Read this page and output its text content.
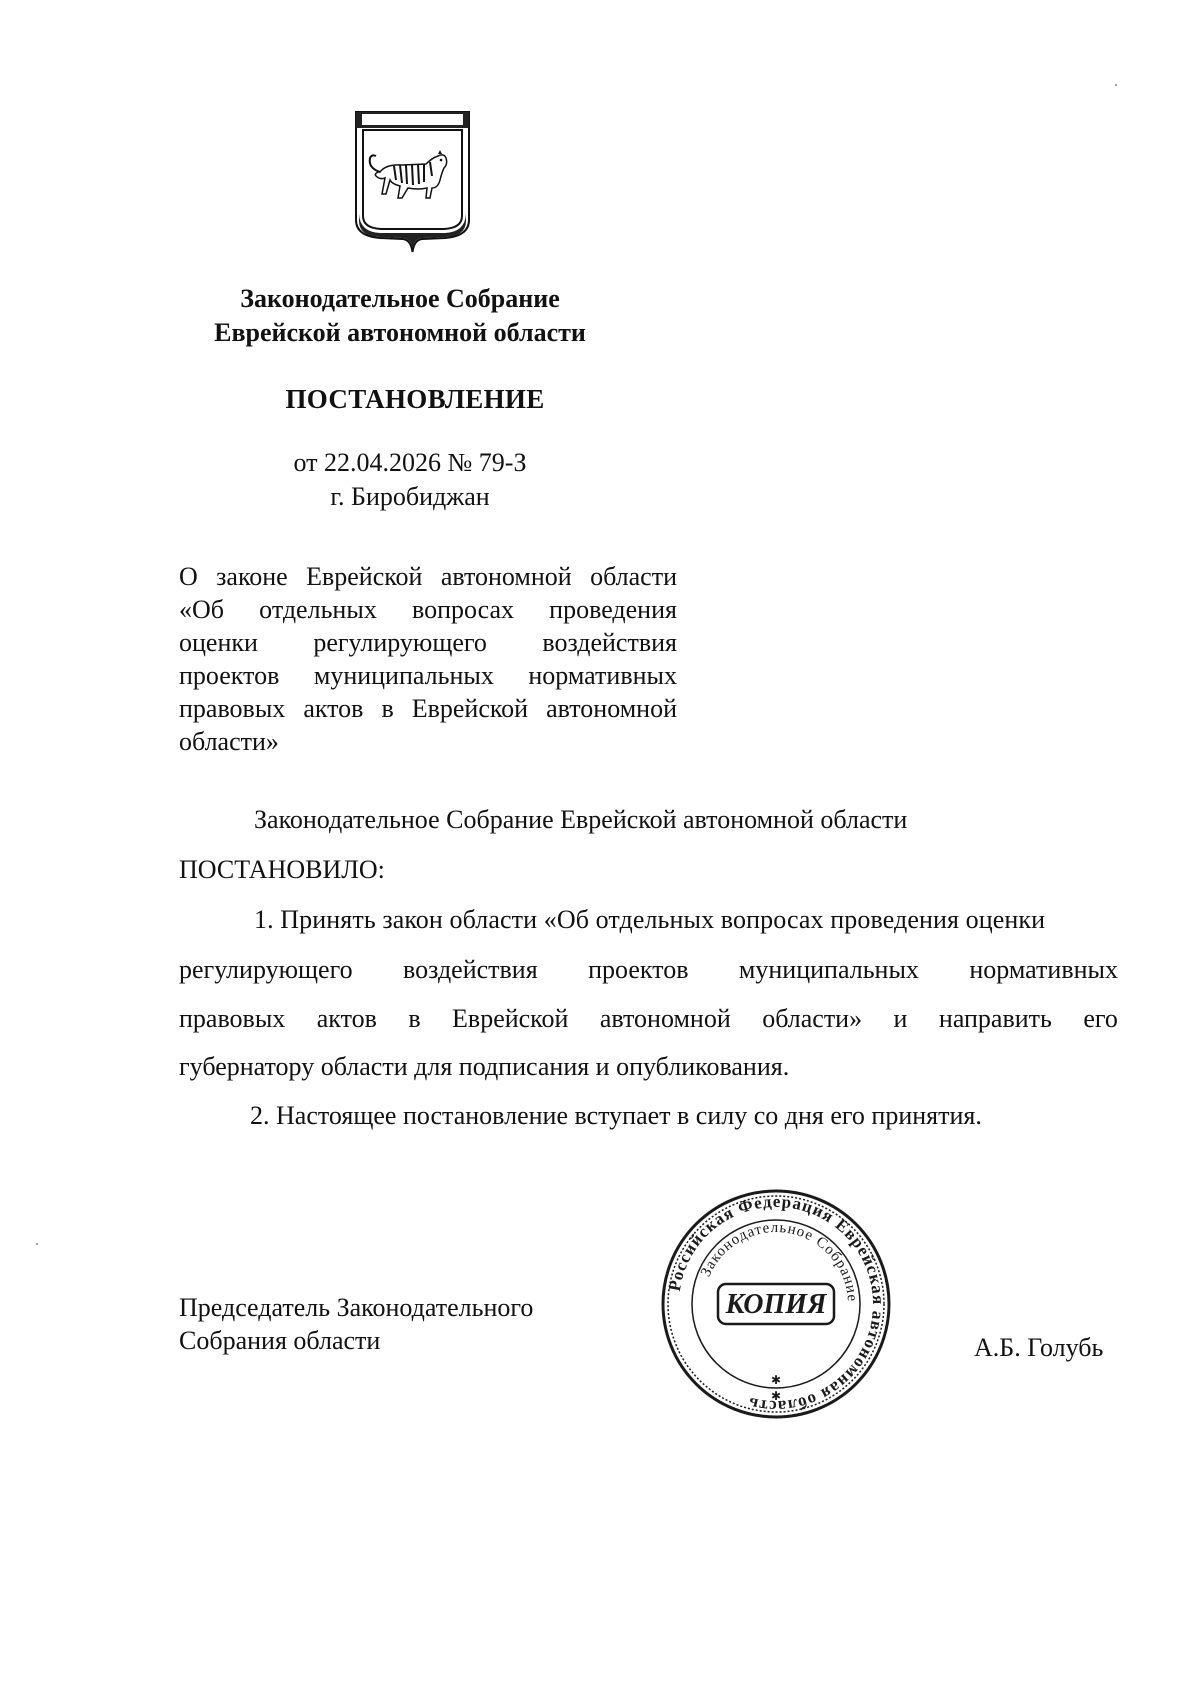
Законодательное Собрание
Еврейской автономной области
ПОСТАНОВЛЕНИЕ
от 22.04.2026 № 79-З
г. Биробиджан
О законе Еврейской автономной области
«Об отдельных вопросах проведения
оценки регулирующего воздействия
проектов муниципальных нормативных
правовых актов в Еврейской автономной
области»
Законодательное Собрание Еврейской автономной области
ПОСТАНОВИЛО:
1. Принять закон области «Об отдельных вопросах проведения оценки
регулирующего воздействия проектов муниципальных нормативных
правовых актов в Еврейской автономной области» и направить его
губернатору области для подписания и опубликования.
2. Настоящее постановление вступает в силу со дня его принятия.
Председатель Законодательного
Собрания области	А.Б. Голубь
Российская Федерация Еврейская автономная область
Законодательное Собрание
КОПИЯ
✱
✱
